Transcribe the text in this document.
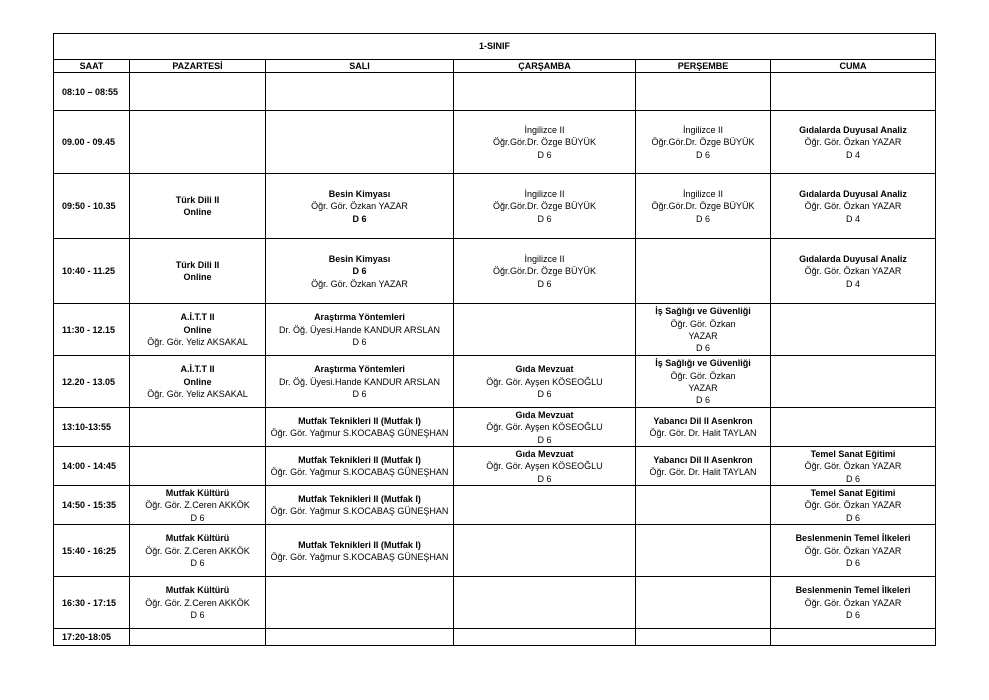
1-SINIF					
SAAT	PAZARTESİ	SALI	ÇARŞAMBA	PERŞEMBE	CUMA
08:10 – 08:55					
09.00 - 09.45			İngilizce II
Öğr.Gör.Dr. Özge BÜYÜK
D 6	İngilizce II
Öğr.Gör.Dr. Özge BÜYÜK
D 6	Gıdalarda Duyusal Analiz
Öğr. Gör. Özkan YAZAR
D 4

09:50 - 10.35	Türk Dili II
Online	Besin Kimyası
Öğr. Gör. Özkan YAZAR
D 6	İngilizce II
Öğr.Gör.Dr. Özge BÜYÜK
D 6	İngilizce II
Öğr.Gör.Dr. Özge BÜYÜK
D 6	Gıdalarda Duyusal Analiz
Öğr. Gör. Özkan YAZAR
D 4

10:40 - 11.25	Türk Dili II
Online	Besin Kimyası
D 6
Öğr. Gör. Özkan YAZAR	İngilizce II
Öğr.Gör.Dr. Özge BÜYÜK
D 6		Gıdalarda Duyusal Analiz
Öğr. Gör. Özkan YAZAR
D 4

11:30 - 12.15	A.İ.T.T II
Online
Öğr. Gör. Yeliz AKSAKAL	Araştırma Yöntemleri
Dr. Öğ. Üyesi.Hande KANDUR ARSLAN
D 6		İş Sağlığı ve Güvenliği
Öğr. Gör. Özkan
YAZAR
D 6	

12.20 - 13.05	A.İ.T.T II
Online
Öğr. Gör. Yeliz AKSAKAL	Araştırma Yöntemleri
Dr. Öğ. Üyesi.Hande KANDUR ARSLAN
D 6	Gıda Mevzuat
Öğr. Gör. Ayşen KÖSEOĞLU
D 6	İş Sağlığı ve Güvenliği
Öğr. Gör. Özkan
YAZAR
D 6	

13:10-13:55		Mutfak Teknikleri II (Mutfak I)
Öğr. Gör. Yağmur S.KOCABAŞ GÜNEŞHAN	Gıda Mevzuat
Öğr. Gör. Ayşen KÖSEOĞLU
D 6	Yabancı Dil II Asenkron
Öğr. Gör. Dr. Halit TAYLAN	

14:00 - 14:45		Mutfak Teknikleri II (Mutfak I)
Öğr. Gör. Yağmur S.KOCABAŞ GÜNEŞHAN	Gıda Mevzuat
Öğr. Gör. Ayşen KÖSEOĞLU
D 6	Yabancı Dil II Asenkron
Öğr. Gör. Dr. Halit TAYLAN	Temel Sanat Eğitimi
Öğr. Gör. Özkan YAZAR
D 6

14:50 - 15:35	Mutfak Kültürü
Öğr. Gör. Z.Ceren AKKÖK
D 6	Mutfak Teknikleri II (Mutfak I)
Öğr. Gör. Yağmur S.KOCABAŞ GÜNEŞHAN			Temel Sanat Eğitimi
Öğr. Gör. Özkan YAZAR
D 6

15:40 - 16:25	Mutfak Kültürü
Öğr. Gör. Z.Ceren AKKÖK
D 6	Mutfak Teknikleri II (Mutfak I)
Öğr. Gör. Yağmur S.KOCABAŞ GÜNEŞHAN			Beslenmenin Temel İlkeleri
Öğr. Gör. Özkan YAZAR
D 6

16:30 - 17:15	Mutfak Kültürü
Öğr. Gör. Z.Ceren AKKÖK
D 6				Beslenmenin Temel İlkeleri
Öğr. Gör. Özkan YAZAR
D 6

17:20-18:05					
